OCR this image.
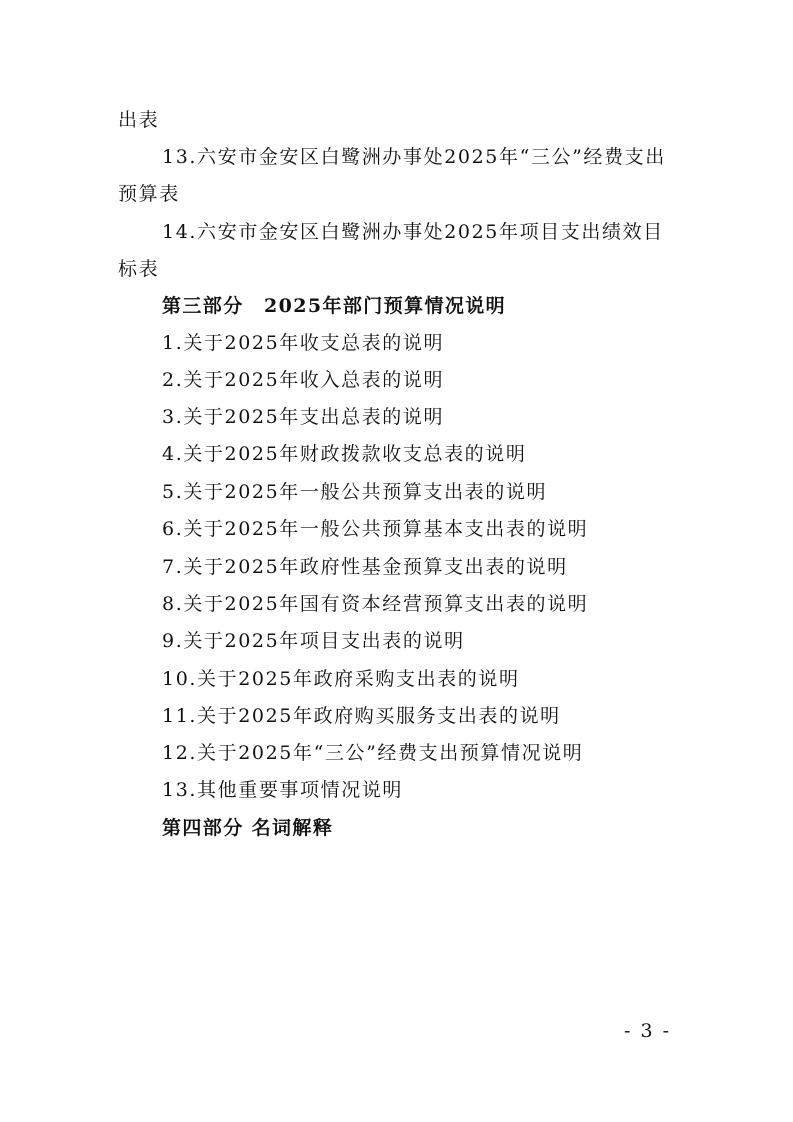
出表
13.六安市金安区白鹭洲办事处2025年“三公”经费支出
预算表
14.六安市金安区白鹭洲办事处2025年项目支出绩效目
标表
第三部分　2025年部门预算情况说明
1.关于2025年收支总表的说明
2.关于2025年收入总表的说明
3.关于2025年支出总表的说明
4.关于2025年财政拨款收支总表的说明
5.关于2025年一般公共预算支出表的说明
6.关于2025年一般公共预算基本支出表的说明
7.关于2025年政府性基金预算支出表的说明
8.关于2025年国有资本经营预算支出表的说明
9.关于2025年项目支出表的说明
10.关于2025年政府采购支出表的说明
11.关于2025年政府购买服务支出表的说明
12.关于2025年“三公”经费支出预算情况说明
13.其他重要事项情况说明
第四部分 名词解释
- 3 -
